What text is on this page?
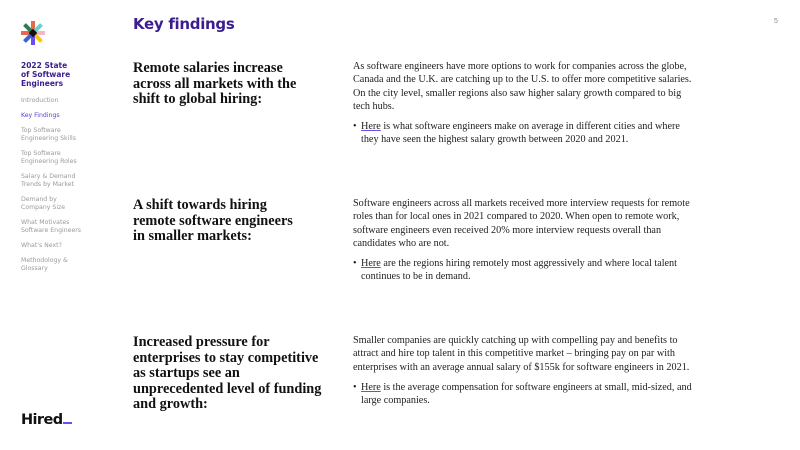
Key findings	5
2022 State of Software Engineers
Introduction
Key Findings
Top Software Engineering Skills
Top Software Engineering Roles
Salary & Demand Trends by Market
Demand by Company Size
What Motivates Software Engineers
What's Next?
Methodology & Glossary
Hired
Remote salaries increase across all markets with the shift to global hiring:

As software engineers have more options to work for companies across the globe, Canada and the U.K. are catching up to the U.S. to offer more competitive salaries. On the city level, smaller regions also saw higher salary growth compared to big tech hubs.

• Here is what software engineers make on average in different cities and where they have seen the highest salary growth between 2020 and 2021.

A shift towards hiring remote software engineers in smaller markets:

Software engineers across all markets received more interview requests for remote roles than for local ones in 2021 compared to 2020. When open to remote work, software engineers even received 20% more interview requests overall than candidates who are not.

• Here are the regions hiring remotely most aggressively and where local talent continues to be in demand.

Increased pressure for enterprises to stay competitive as startups see an unprecedented level of funding and growth:

Smaller companies are quickly catching up with compelling pay and benefits to attract and hire top talent in this competitive market – bringing pay on par with enterprises with an average annual salary of $155k for software engineers in 2021.

• Here is the average compensation for software engineers at small, mid-sized, and large companies.
